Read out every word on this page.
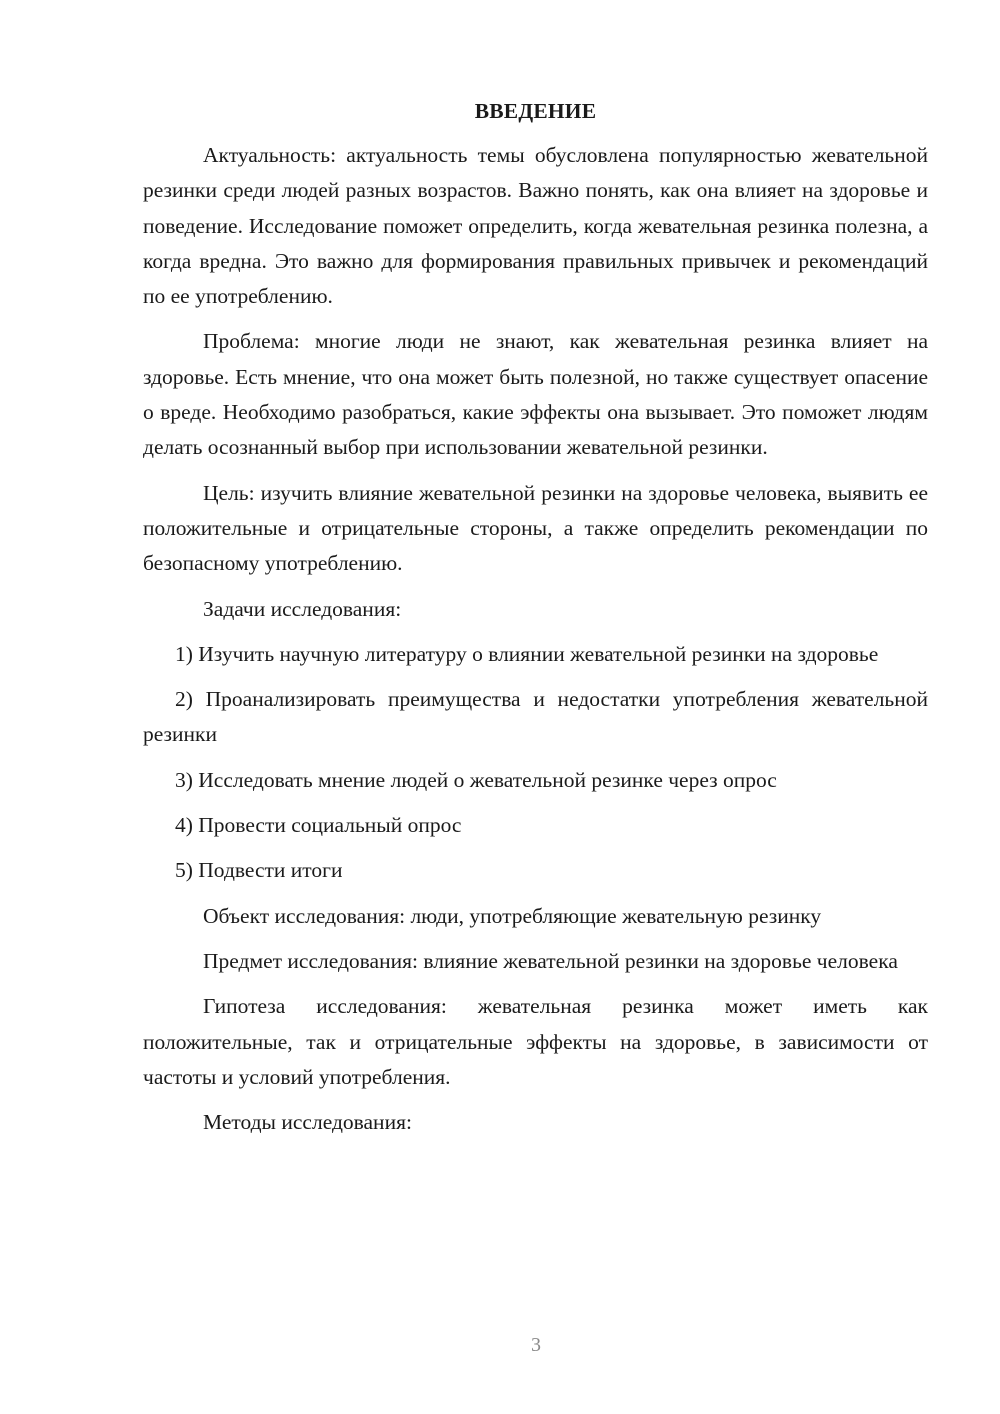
ВВЕДЕНИЕ

Актуальность: актуальность темы обусловлена популярностью жевательной резинки среди людей разных возрастов. Важно понять, как она влияет на здоровье и поведение. Исследование поможет определить, когда жевательная резинка полезна, а когда вредна. Это важно для формирования правильных привычек и рекомендаций по ее употреблению.

Проблема: многие люди не знают, как жевательная резинка влияет на здоровье. Есть мнение, что она может быть полезной, но также существует опасение о вреде. Необходимо разобраться, какие эффекты она вызывает. Это поможет людям делать осознанный выбор при использовании жевательной резинки.

Цель: изучить влияние жевательной резинки на здоровье человека, выявить ее положительные и отрицательные стороны, а также определить рекомендации по безопасному употреблению.

Задачи исследования:

1) Изучить научную литературу о влиянии жевательной резинки на здоровье

2) Проанализировать преимущества и недостатки употребления жевательной резинки

3) Исследовать мнение людей о жевательной резинке через опрос

4) Провести социальный опрос

5) Подвести итоги

Объект исследования: люди, употребляющие жевательную резинку

Предмет исследования: влияние жевательной резинки на здоровье человека

Гипотеза исследования: жевательная резинка может иметь как положительные, так и отрицательные эффекты на здоровье, в зависимости от частоты и условий употребления.

Методы исследования:

3
